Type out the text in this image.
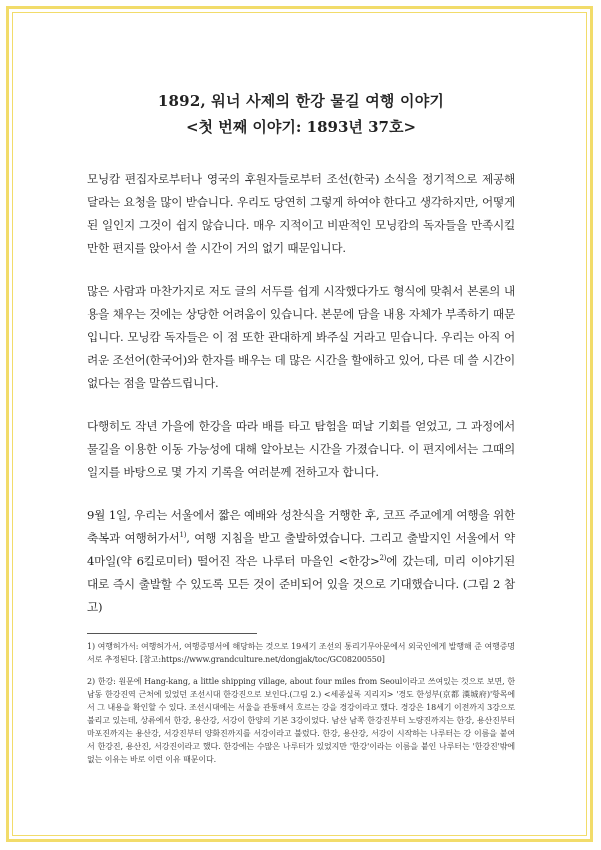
1892, 워너 사제의 한강 물길 여행 이야기
<첫 번째 이야기: 1893년 37호>

모닝캄 편집자로부터나 영국의 후원자들로부터 조선(한국) 소식을 정기적으로 제공해달라는 요청을 많이 받습니다. 우리도 당연히 그렇게 하여야 한다고 생각하지만, 어떻게 된 일인지 그것이 쉽지 않습니다. 매우 지적이고 비판적인 모닝캄의 독자들을 만족시킬 만한 편지를 앉아서 쓸 시간이 거의 없기 때문입니다.

많은 사람과 마찬가지로 저도 글의 서두를 쉽게 시작했다가도 형식에 맞춰서 본론의 내용을 채우는 것에는 상당한 어려움이 있습니다. 본문에 담을 내용 자체가 부족하기 때문입니다. 모닝캄 독자들은 이 점 또한 관대하게 봐주실 거라고 믿습니다. 우리는 아직 어려운 조선어(한국어)와 한자를 배우는 데 많은 시간을 할애하고 있어, 다른 데 쓸 시간이 없다는 점을 말씀드립니다.

다행히도 작년 가을에 한강을 따라 배를 타고 탐험을 떠날 기회를 얻었고, 그 과정에서 물길을 이용한 이동 가능성에 대해 알아보는 시간을 가졌습니다. 이 편지에서는 그때의 일지를 바탕으로 몇 가지 기록을 여러분께 전하고자 합니다.

9월 1일, 우리는 서울에서 짧은 예배와 성찬식을 거행한 후, 코프 주교에게 여행을 위한 축복과 여행허가서$^{1)}$, 여행 지침을 받고 출발하였습니다. 그리고 출발지인 서울에서 약 4마일(약 6킬로미터) 떨어진 작은 나루터 마을인 <한강>$^{2)}$에 갔는데, 미리 이야기된 대로 즉시 출발할 수 있도록 모든 것이 준비되어 있을 것으로 기대했습니다. (그림 2 참고)

1) 여행허가서: 여행허가서, 여행증명서에 해당하는 것으로 19세기 조선의 통리기무아문에서 외국인에게 발행해 준 여행증명서로 추정된다. [참고:https://www.grandculture.net/dongjak/toc/GC08200550]

2) 한강: 원문에 Hang-kang, a little shipping village, about four miles from Seoul이라고 쓰여있는 것으로 보면, 한남동 한강진역 근처에 있었던 조선시대 한강진으로 보인다.(그림 2.) <세종실록 지리지> '경도 한성부(京都 漢城府)'항목에서 그 내용을 확인할 수 있다. 조선시대에는 서울을 관통해서 흐르는 강을 경강이라고 했다. 경강은 18세기 이전까지 3강으로 불리고 있는데, 상류에서 한강, 용산강, 서강이 한양의 기본 3강이었다. 남산 남쪽 한강진부터 노량진까지는 한강, 용산진부터 마포진까지는 용산강, 서강진부터 양화진까지를 서강이라고 불렀다. 한강, 용산강, 서강이 시작하는 나루터는 강 이름을 붙여서 한강진, 용산진, 서강진이라고 했다. 한강에는 수많은 나루터가 있었지만 '한강'이라는 이름을 붙인 나루터는 '한강진'밖에 없는 이유는 바로 이런 이유 때문이다.
